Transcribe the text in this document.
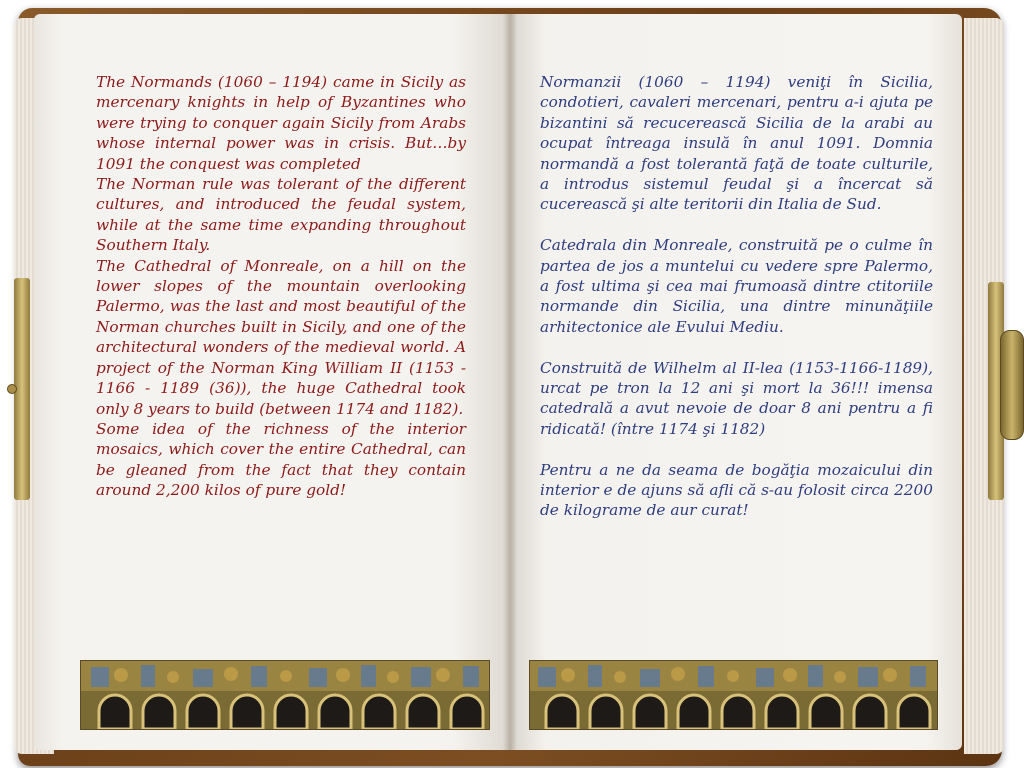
The Normands (1060 – 1194) came in Sicily as mercenary knights in help of Byzantines who were trying to conquer again Sicily from Arabs whose internal power was in crisis. But…by 1091 the conquest was completed

The Norman rule was tolerant of the different cultures, and introduced the feudal system, while at the same time expanding throughout Southern Italy.

The Cathedral of Monreale, on a hill on the lower slopes of the mountain overlooking Palermo, was the last and most beautiful of the Norman churches built in Sicily, and one of the architectural wonders of the medieval world. A project of the Norman King William II (1153 - 1166 - 1189 (36)), the huge Cathedral took only 8 years to build (between 1174 and 1182).

Some idea of the richness of the interior mosaics, which cover the entire Cathedral, can be gleaned from the fact that they contain around 2,200 kilos of pure gold!

Normanzii (1060 – 1194) veniţi în Sicilia, condotieri, cavaleri mercenari, pentru a-i ajuta pe bizantini să recucerească Sicilia de la arabi au ocupat întreaga insulă în anul 1091. Domnia normandă a fost tolerantă faţă de toate culturile, a introdus sistemul feudal şi a încercat să cucerească şi alte teritorii din Italia de Sud.

Catedrala din Monreale, construită pe o culme în partea de jos a muntelui cu vedere spre Palermo, a fost ultima şi cea mai frumoasă dintre ctitoriile normande din Sicilia, una dintre minunăţiile arhitectonice ale Evului Mediu.

Construită de Wilhelm al II-lea (1153-1166-1189), urcat pe tron la 12 ani şi mort la 36!!! imensa catedrală a avut nevoie de doar 8 ani pentru a fi ridicată! (între 1174 şi 1182)

Pentru a ne da seama de bogăţia mozaicului din interior e de ajuns să afli că s-au folosit circa 2200 de kilograme de aur curat!
